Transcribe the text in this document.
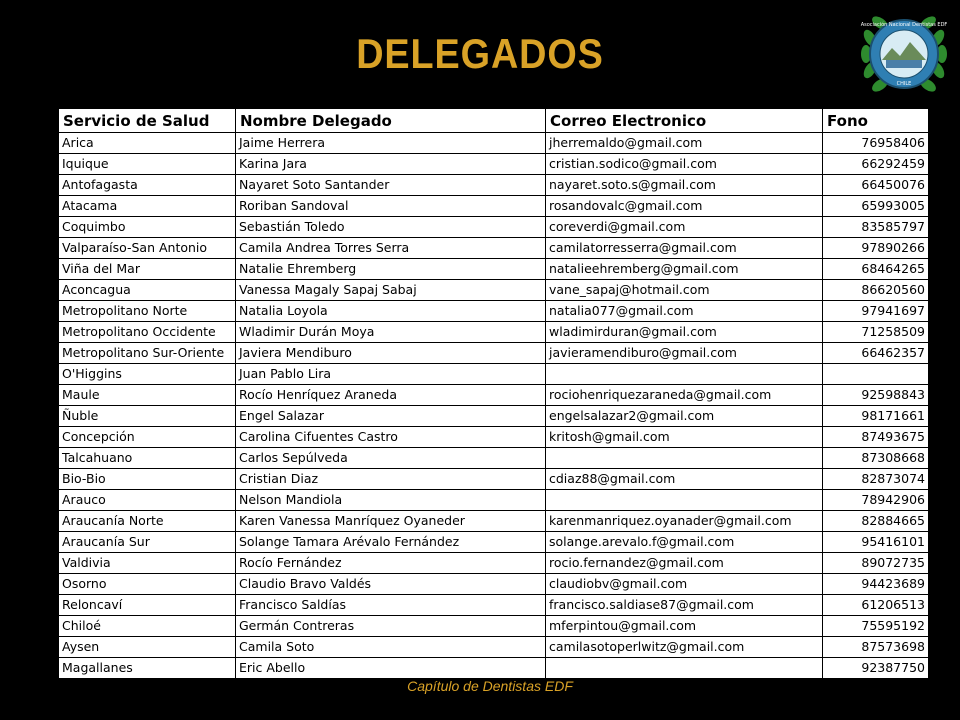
DELEGADOS
Asociación Nacional Dentistas EDF
CHILE
Servicio de Salud	Nombre Delegado	Correo Electronico	Fono
Arica	Jaime Herrera	jherremaldo@gmail.com	76958406
Iquique	Karina Jara	cristian.sodico@gmail.com	66292459
Antofagasta	Nayaret Soto Santander	nayaret.soto.s@gmail.com	66450076
Atacama	Roriban Sandoval	rosandovalc@gmail.com	65993005
Coquimbo	Sebastián Toledo	coreverdi@gmail.com	83585797
Valparaíso-San Antonio	Camila Andrea Torres Serra	camilatorresserra@gmail.com	97890266
Viña del Mar	Natalie Ehremberg	natalieehremberg@gmail.com	68464265
Aconcagua	Vanessa Magaly Sapaj Sabaj	vane_sapaj@hotmail.com	86620560
Metropolitano Norte	Natalia Loyola	natalia077@gmail.com	97941697
Metropolitano Occidente	Wladimir Durán Moya	wladimirduran@gmail.com	71258509
Metropolitano Sur-Oriente	Javiera Mendiburo	javieramendiburo@gmail.com	66462357
O'Higgins	Juan Pablo Lira		
Maule	Rocío Henríquez Araneda	rociohenriquezaraneda@gmail.com	92598843
Ñuble	Engel Salazar	engelsalazar2@gmail.com	98171661
Concepción	Carolina Cifuentes Castro	kritosh@gmail.com	87493675
Talcahuano	Carlos Sepúlveda		87308668
Bio-Bio	Cristian Diaz	cdiaz88@gmail.com	82873074
Arauco	Nelson Mandiola		78942906
Araucanía Norte	Karen Vanessa Manríquez Oyaneder	karenmanriquez.oyanader@gmail.com	82884665
Araucanía Sur	Solange Tamara Arévalo Fernández	solange.arevalo.f@gmail.com	95416101
Valdivia	Rocío Fernández	rocio.fernandez@gmail.com	89072735
Osorno	Claudio Bravo Valdés	claudiobv@gmail.com	94423689
Reloncaví	Francisco Saldías	francisco.saldiase87@gmail.com	61206513
Chiloé	Germán Contreras	mferpintou@gmail.com	75595192
Aysen	Camila Soto	camilasotoperlwitz@gmail.com	87573698
Magallanes	Eric Abello		92387750
Capítulo de Dentistas EDF
